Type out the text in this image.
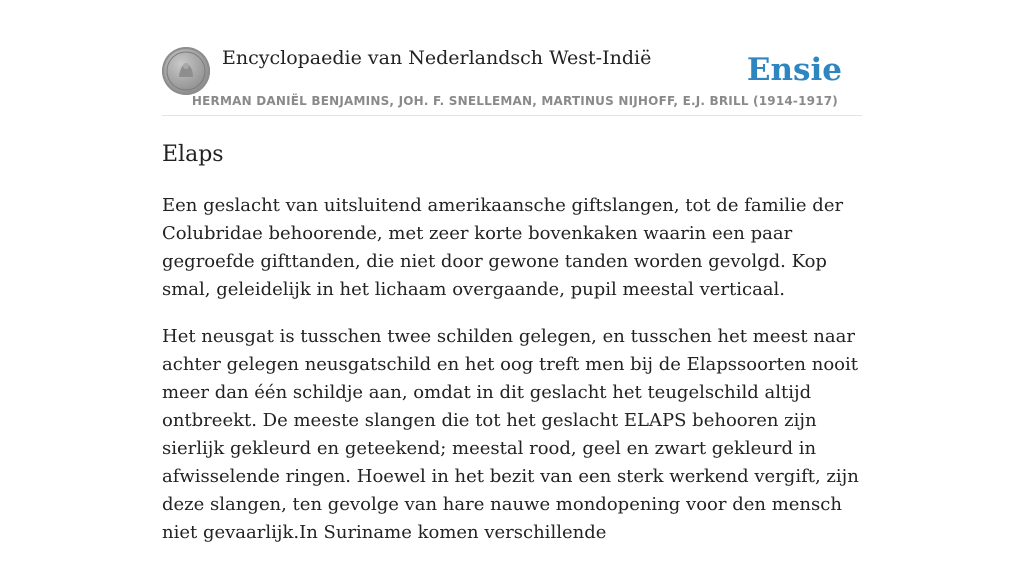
Encyclopaedie van Nederlandsch West-Indië	Ensie
HERMAN DANIËL BENJAMINS, JOH. F. SNELLEMAN, MARTINUS NIJHOFF, E.J. BRILL (1914-1917)
Elaps

Een geslacht van uitsluitend amerikaansche giftslangen, tot de familie der Colubridae behoorende, met zeer korte bovenkaken waarin een paar gegroefde gifttanden, die niet door gewone tanden worden gevolgd. Kop smal, geleidelijk in het lichaam overgaande, pupil meestal verticaal.

Het neusgat is tusschen twee schilden gelegen, en tusschen het meest naar achter gelegen neusgatschild en het oog treft men bij de Elapssoorten nooit meer dan één schildje aan, omdat in dit geslacht het teugelschild altijd ontbreekt. De meeste slangen die tot het geslacht ELAPS behooren zijn sierlijk gekleurd en geteekend; meestal rood, geel en zwart gekleurd in afwisselende ringen. Hoewel in het bezit van een sterk werkend vergift, zijn deze slangen, ten gevolge van hare nauwe mondopening voor den mensch niet gevaarlijk.In Suriname komen verschillende
